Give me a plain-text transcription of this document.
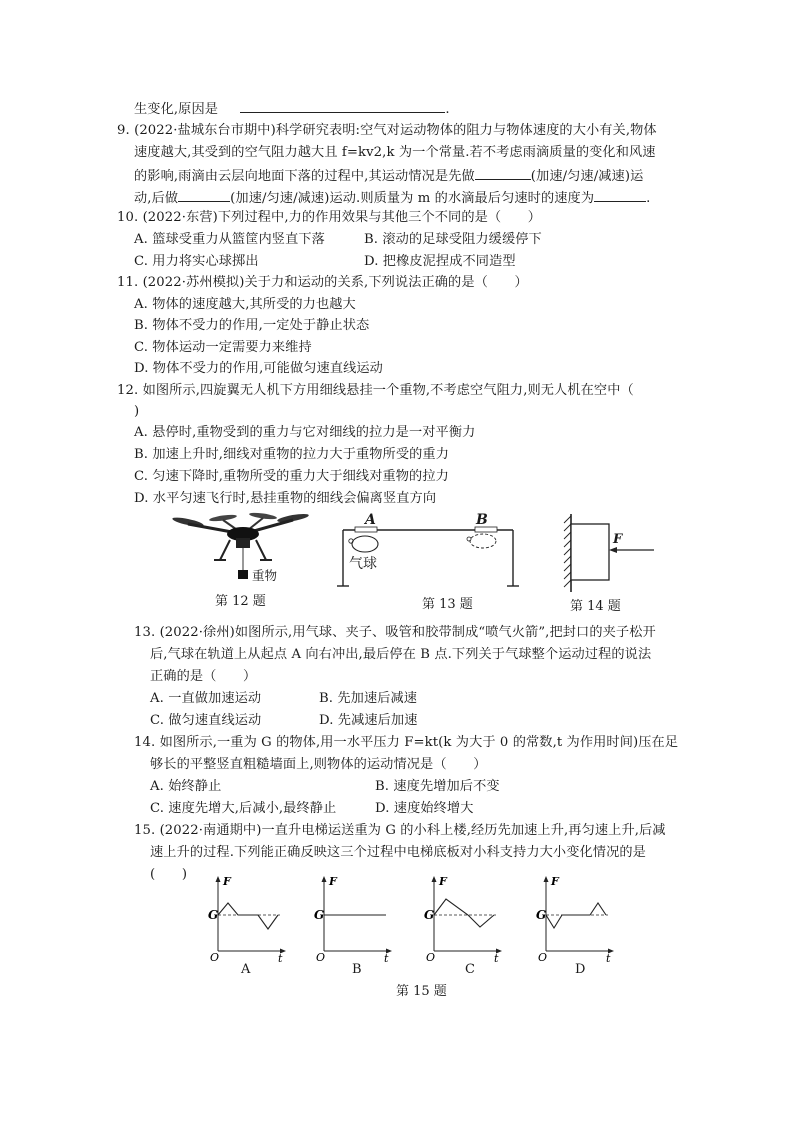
生变化,原因是	.
9. (2022·盐城东台市期中)科学研究表明:空气对运动物体的阻力与物体速度的大小有关,物体
速度越大,其受到的空气阻力越大且 f=kv2,k 为一个常量.若不考虑雨滴质量的变化和风速
的影响,雨滴由云层向地面下落的过程中,其运动情况是先做	(加速/匀速/减速)运
动,后做	(加速/匀速/减速)运动.则质量为 m 的水滴最后匀速时的速度为	.
10. (2022·东营)下列过程中,力的作用效果与其他三个不同的是（　　）
A. 篮球受重力从篮筐内竖直下落	B. 滚动的足球受阻力缓缓停下
C. 用力将实心球掷出	D. 把橡皮泥捏成不同造型
11. (2022·苏州模拟)关于力和运动的关系,下列说法正确的是（　　）
A. 物体的速度越大,其所受的力也越大
B. 物体不受力的作用,一定处于静止状态
C. 物体运动一定需要力来维持
D. 物体不受力的作用,可能做匀速直线运动
12. 如图所示,四旋翼无人机下方用细线悬挂一个重物,不考虑空气阻力,则无人机在空中（
)
A. 悬停时,重物受到的重力与它对细线的拉力是一对平衡力
B. 加速上升时,细线对重物的拉力大于重物所受的重力
C. 匀速下降时,重物所受的重力大于细线对重物的拉力
D. 水平匀速飞行时,悬挂重物的细线会偏离竖直方向
重物
第 12 题
A	B
气球
第 13 题
F
第 14 题
13. (2022·徐州)如图所示,用气球、夹子、吸管和胶带制成“喷气火箭”,把封口的夹子松开
后,气球在轨道上从起点 A 向右冲出,最后停在 B 点.下列关于气球整个运动过程的说法
正确的是（　　）
A. 一直做加速运动	B. 先加速后减速
C. 做匀速直线运动	D. 先减速后加速
14. 如图所示,一重为 G 的物体,用一水平压力 F=kt(k 为大于 0 的常数,t 为作用时间)压在足
够长的平整竖直粗糙墙面上,则物体的运动情况是（　　）
A. 始终静止	B. 速度先增加后不变
C. 速度先增大,后减小,最终静止	D. 速度始终增大
15. (2022·南通期中)一直升电梯运送重为 G 的小科上楼,经历先加速上升,再匀速上升,后减
速上升的过程.下列能正确反映这三个过程中电梯底板对小科支持力大小变化情况的是
(　　)
G
F
O	t
A
G
F
O	t
B
G
F
O	t
C
G
F
O	t
D
第 15 题
